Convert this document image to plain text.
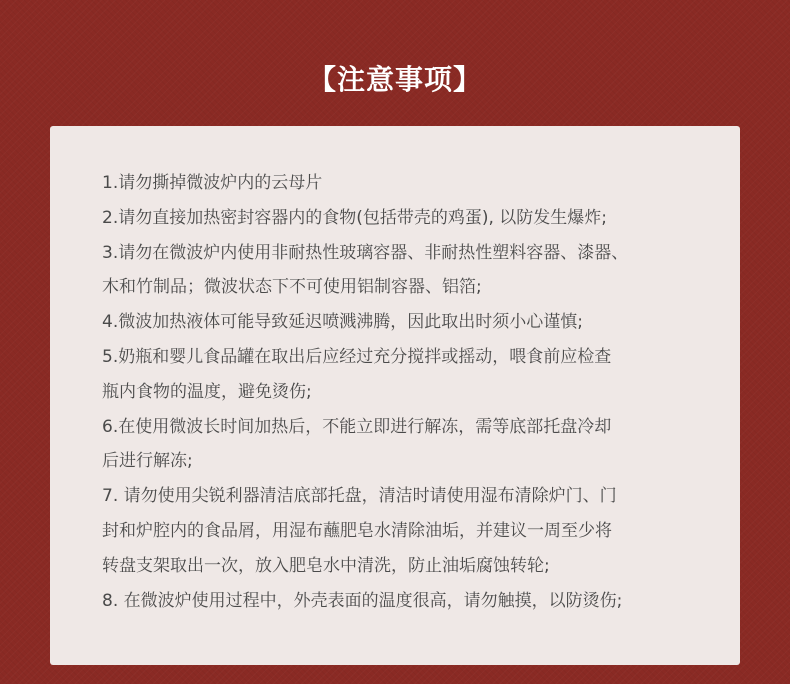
【注意事项】
1.请勿撕掉微波炉内的云母片
2.请勿直接加热密封容器内的食物(包括带壳的鸡蛋), 以防发生爆炸;
3.请勿在微波炉内使用非耐热性玻璃容器、非耐热性塑料容器、漆器、
木和竹制品；微波状态下不可使用铝制容器、铝箔;
4.微波加热液体可能导致延迟喷溅沸腾，因此取出时须小心谨慎;
5.奶瓶和婴儿食品罐在取出后应经过充分搅拌或摇动，喂食前应检查
瓶内食物的温度，避免烫伤;
6.在使用微波长时间加热后，不能立即进行解冻，需等底部托盘冷却
后进行解冻;
7. 请勿使用尖锐利器清洁底部托盘，清洁时请使用湿布清除炉门、门
封和炉腔内的食品屑，用湿布蘸肥皂水清除油垢，并建议一周至少将
转盘支架取出一次，放入肥皂水中清洗，防止油垢腐蚀转轮;
8. 在微波炉使用过程中，外壳表面的温度很高，请勿触摸，以防烫伤;
